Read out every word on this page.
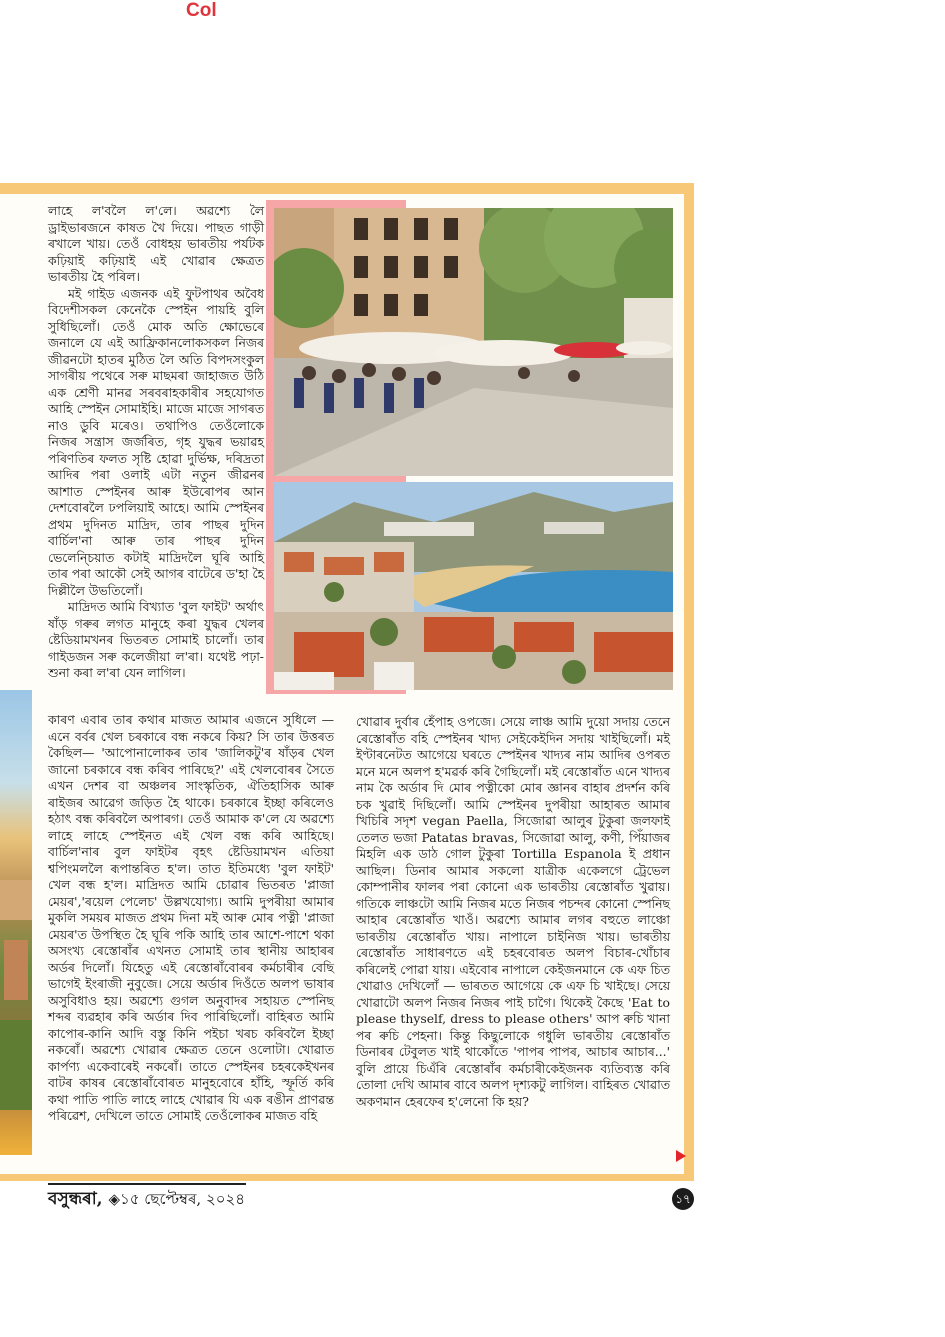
Col

লাহে ল'বলৈ ল'লে। অৱশ্যে লৈ ড্ৰাইভাৰজনে কাষত খৈ দিয়ে। পাছত গাড়ী ৰখালে খায়। তেওঁ বোধহয় ভাৰতীয় পৰ্যটক কঢ়িয়াই কঢ়িয়াই এই খোৱাৰ ক্ষেত্ৰত ভাৰতীয় হৈ পৰিল।

মই গাইড এজনক এই ফুটপাথৰ অবৈধ বিদেশীসকল কেনেকৈ স্পেইন পায়হি বুলি সুধিছিলোঁ। তেওঁ মোক অতি ক্ষোভেৰে জনালে যে এই আফ্ৰিকানলোকসকল নিজৰ জীৱনটো হাতৰ মুঠিত লৈ অতি বিপদসংকুল সাগৰীয় পথেৰে সৰু মাছমৰা জাহাজত উঠি এক শ্ৰেণী মানৱ সৰবৰাহকাৰীৰ সহযোগত আহি স্পেইন সোমাইহি। মাজে মাজে সাগৰত নাও ডুবি মৰেও। তথাপিও তেওঁলোকে নিজৰ সন্ত্ৰাস জৰ্জৰিত, গৃহ যুদ্ধৰ ভয়াৱহ পৰিণতিৰ ফলত সৃষ্টি হোৱা দুৰ্ভিক্ষ, দৰিদ্ৰতা আদিৰ পৰা ওলাই এটা নতুন জীৱনৰ আশাত স্পেইনৰ আৰু ইউৰোপৰ আন দেশবোৰলৈ ঢপলিয়াই আহে। আমি স্পেইনৰ প্ৰথম দুদিনত মাদ্ৰিদ, তাৰ পাছৰ দুদিন বাৰ্চিল'না আৰু তাৰ পাছৰ দুদিন ভেলেন্চিয়াত কটাই মাদ্ৰিদলৈ ঘূৰি আহি তাৰ পৰা আকৌ সেই আগৰ বাটেৰে ড'হা হৈ দিল্লীলৈ উভতিলোঁ।

মাদ্ৰিদত আমি বিখ্যাত 'বুল ফাইট' অৰ্থাৎ ষাঁড় গৰুৰ লগত মানুহে কৰা যুদ্ধৰ খেলৰ ষ্টেডিয়ামখনৰ ভিতৰত সোমাই চালোঁ। তাৰ গাইডজন সৰু কলেজীয়া ল'ৰা। যথেষ্ট পঢ়া-শুনা কৰা ল'ৰা যেন লাগিল।

কাৰণ এবাৰ তাৰ কথাৰ মাজত আমাৰ এজনে সুধিলে — এনে বৰ্বৰ খেল চৰকাৰে বন্ধ নকৰে কিয়? সি তাৰ উত্তৰত কৈছিল— 'আপোনালোকৰ তাৰ 'জালিকটু'ৰ ষাঁড়ৰ খেল জানো চৰকাৰে বন্ধ কৰিব পাৰিছে?' এই খেলবোৰৰ সৈতে এখন দেশৰ বা অঞ্চলৰ সাংস্কৃতিক, ঐতিহাসিক আৰু ৰাইজৰ আৱেগ জড়িত হৈ থাকে। চৰকাৰে ইচ্ছা কৰিলেও হঠাৎ বন্ধ কৰিবলৈ অপাৰগ। তেওঁ আমাক ক'লে যে অৱশ্যে লাহে লাহে স্পেইনত এই খেল বন্ধ কৰি আহিছে। বাৰ্চিল'নাৰ বুল ফাইটৰ বৃহৎ ষ্টেডিয়ামখন এতিয়া শ্বপিংমললৈ ৰূপান্তৰিত হ'ল। তাত ইতিমধ্যে 'বুল ফাইট' খেল বন্ধ হ'ল। মাদ্ৰিদত আমি চোৱাৰ ভিতৰত 'প্লাজা মেয়ৰ','ৰয়েল পেলেচ' উল্লখযোগ্য। আমি দুপৰীয়া আমাৰ মুকলি সময়ৰ মাজত প্ৰথম দিনা মই আৰু মোৰ পত্নী 'প্লাজা মেয়ৰ'ত উপস্থিত হৈ ঘূৰি পকি আহি তাৰ আশে-পাশে থকা অসংখ্য ৰেস্তোৰাঁৰ এখনত সোমাই তাৰ স্থানীয় আহাৰৰ অৰ্ডৰ দিলোঁ। যিহেতু এই ৰেস্তোৰাঁবোৰৰ কৰ্মচাৰীৰ বেছি ভাগেই ইংৰাজী নুবুজে। সেয়ে অৰ্ডাৰ দিওঁতে অলপ ভাষাৰ অসুবিধাও হয়। অৱশ্যে গুগল অনুবাদৰ সহায়ত স্পেনিছ শব্দৰ ব্যৱহাৰ কৰি অৰ্ডাৰ দিব পাৰিছিলোঁ। বাহিৰত আমি কাপোৰ-কানি আদি বস্তু কিনি পইচা খৰচ কৰিবলৈ ইচ্ছা নকৰোঁ। অৱশ্যে খোৱাৰ ক্ষেত্ৰত তেনে ওলোটা। খোৱাত কাৰ্পণ্য একেবাৰেই নকৰোঁ। তাতে স্পেইনৰ চহৰকেইখনৰ বাটৰ কাষৰ ৰেস্তোৰাঁবোৰত মানুহবোৰে হাঁহি, স্ফূৰ্তি কৰি কথা পাতি পাতি লাহে লাহে খোৱাৰ যি এক ৰঙীন প্ৰাণৱন্ত পৰিৱেশ, দেখিলে তাতে সোমাই তেওঁলোকৰ মাজত বহি

খোৱাৰ দুৰ্বাৰ হেঁপাহ ওপজে। সেয়ে লাঞ্চ আমি দুয়ো সদায় তেনে ৰেস্তোৰাঁত বহি স্পেইনৰ খাদ্য সেইকেইদিন সদায় খাইছিলোঁ। মই ইণ্টাৰনেটত আগেয়ে ঘৰতে স্পেইনৰ খাদ্যৰ নাম আদিৰ ওপৰত মনে মনে অলপ হ'মৱৰ্ক কৰি গৈছিলোঁ। মই ৰেস্তোৰাঁত এনে খাদ্যৰ নাম কৈ অৰ্ডাৰ দি মোৰ পত্নীকো মোৰ জ্ঞানৰ বাহাৰ প্ৰদৰ্শন কৰি চক খুৱাই দিছিলোঁ। আমি স্পেইনৰ দুপৰীয়া আহাৰত আমাৰ খিচিৰি সদৃশ vegan Paella, সিজোৱা আলুৰ টুকুৰা জলফাই তেলত ভজা Patatas bravas, সিজোৱা আলু, কণী, পিঁয়াজৰ মিহলি এক ডাঠ গোল টুকুৰা Tortilla Espanola ই প্ৰধান আছিল। ডিনাৰ আমাৰ সকলো যাত্ৰীক একেলগে ট্ৰেভেল কোম্পানীৰ ফালৰ পৰা কোনো এক ভাৰতীয় ৰেস্তোৰাঁত খুৱায়। গতিকে লাঞ্চটো আমি নিজৰ মতে নিজৰ পচন্দৰ কোনো স্পেনিছ আহাৰ ৰেস্তোৰাঁত খাওঁ। অৱশ্যে আমাৰ লগৰ বহুতে লাঞ্চো ভাৰতীয় ৰেস্তোৰাঁত খায়। নাপালে চাইনিজ খায়। ভাৰতীয় ৰেস্তোৰাঁত সাধাৰণতে এই চহৰবোৰত অলপ বিচাৰ-খোঁচাৰ কৰিলেই পোৱা যায়। এইবোৰ নাপালে কেইজনমানে কে এফ চিত খোৱাও দেখিলোঁ — ভাৰতত আগেয়ে কে এফ চি খাইছে। সেয়ে খোৱাটো অলপ নিজৰ নিজৰ পাই চাগৈ। থিকেই কৈছে 'Eat to please thyself, dress to please others' আপ ৰুচি খানা পৰ ৰুচি পেহনা। কিন্তু কিছুলোকে গধুলি ভাৰতীয় ৰেস্তোৰাঁত ডিনাৰৰ টেবুলত খাই থাকোঁতে 'পাপৰ পাপৰ, আচাৰ আচাৰ...' বুলি প্ৰায়ে চিএঁৰি ৰেস্তোৰাঁৰ কৰ্মচাৰীকেইজনক ব্যতিব্যস্ত কৰি তোলা দেখি আমাৰ বাবে অলপ দৃশ্যকটু লাগিল। বাহিৰত খোৱাত অকণমান হেৰফেৰ হ'লেনো কি হয়?

বসুন্ধৰা, ◈১৫ ছেপ্টেম্বৰ, ২০২৪	১৭
